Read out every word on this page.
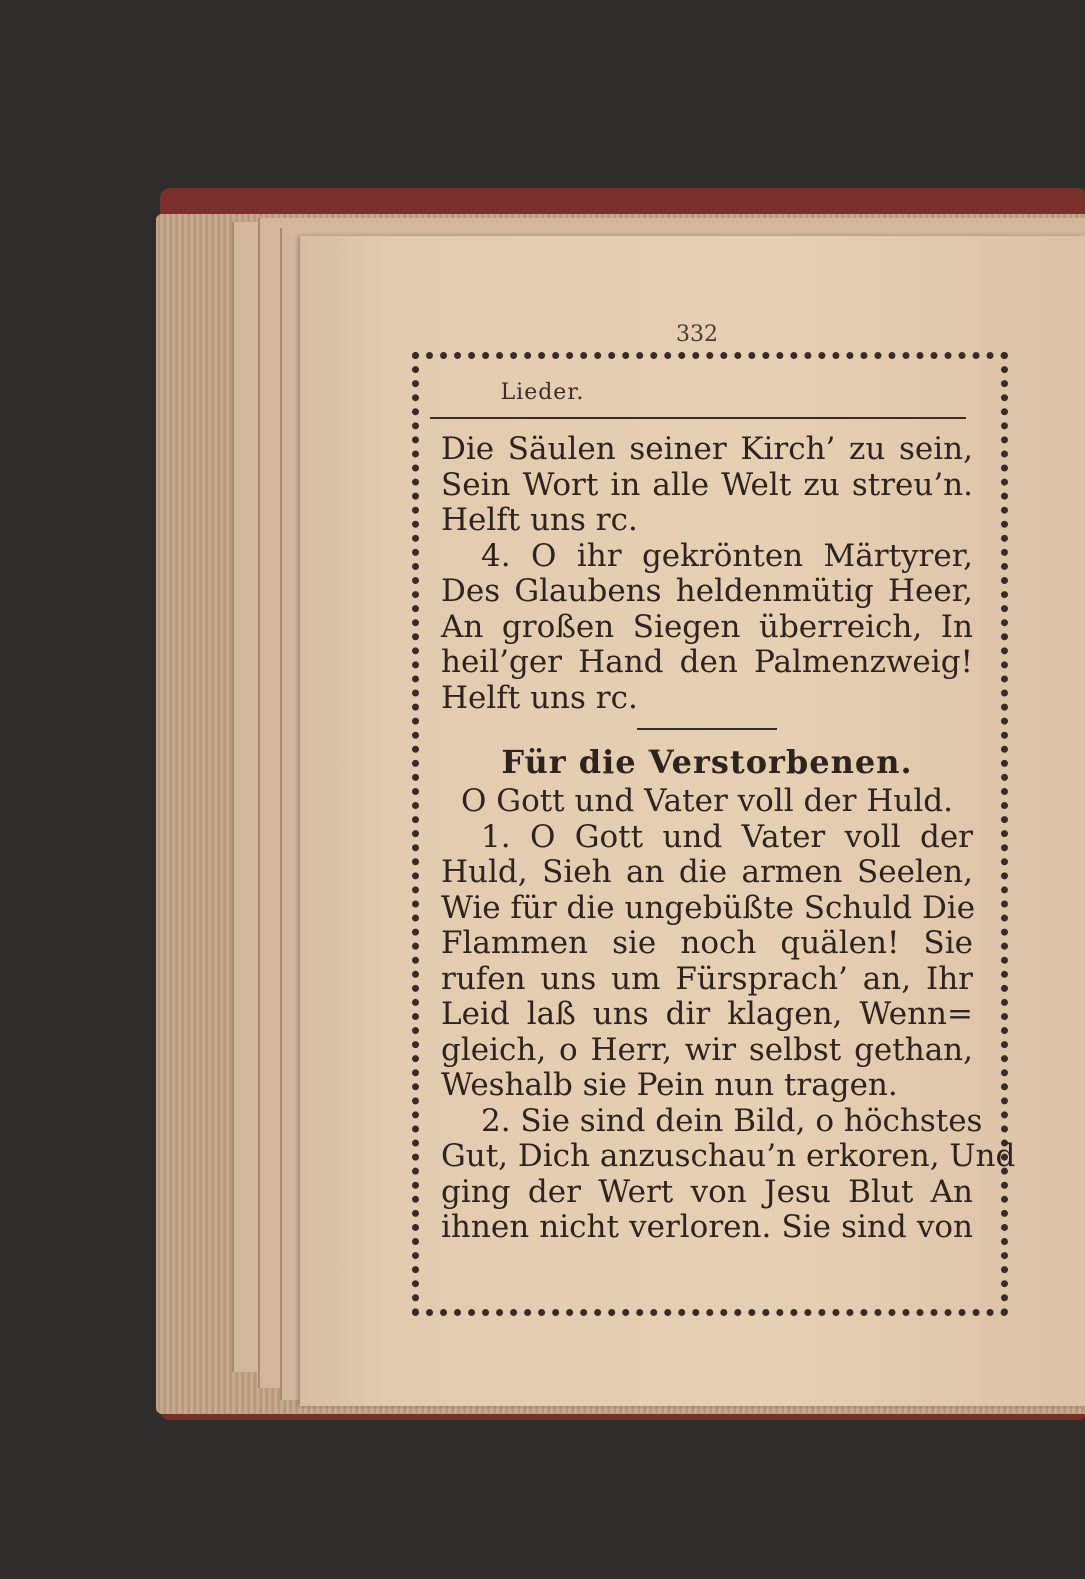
332
Lieder.
Die Säulen seiner Kirch’ zu sein,
Sein Wort in alle Welt zu streu’n.
Helft uns rc.
4. O ihr gekrönten Märtyrer,
Des Glaubens heldenmütig Heer,
An großen Siegen überreich, In
heil’ger Hand den Palmenzweig!
Helft uns rc.
Für die Verstorbenen.
O Gott und Vater voll der Huld.
1. O Gott und Vater voll der
Huld, Sieh an die armen Seelen,
Wie für die ungebüßte Schuld Die
Flammen sie noch quälen! Sie
rufen uns um Fürsprach’ an, Ihr
Leid laß uns dir klagen, Wenn=
gleich, o Herr, wir selbst gethan,
Weshalb sie Pein nun tragen.
2. Sie sind dein Bild, o höchstes
Gut, Dich anzuschau’n erkoren, Und
ging der Wert von Jesu Blut An
ihnen nicht verloren. Sie sind von
